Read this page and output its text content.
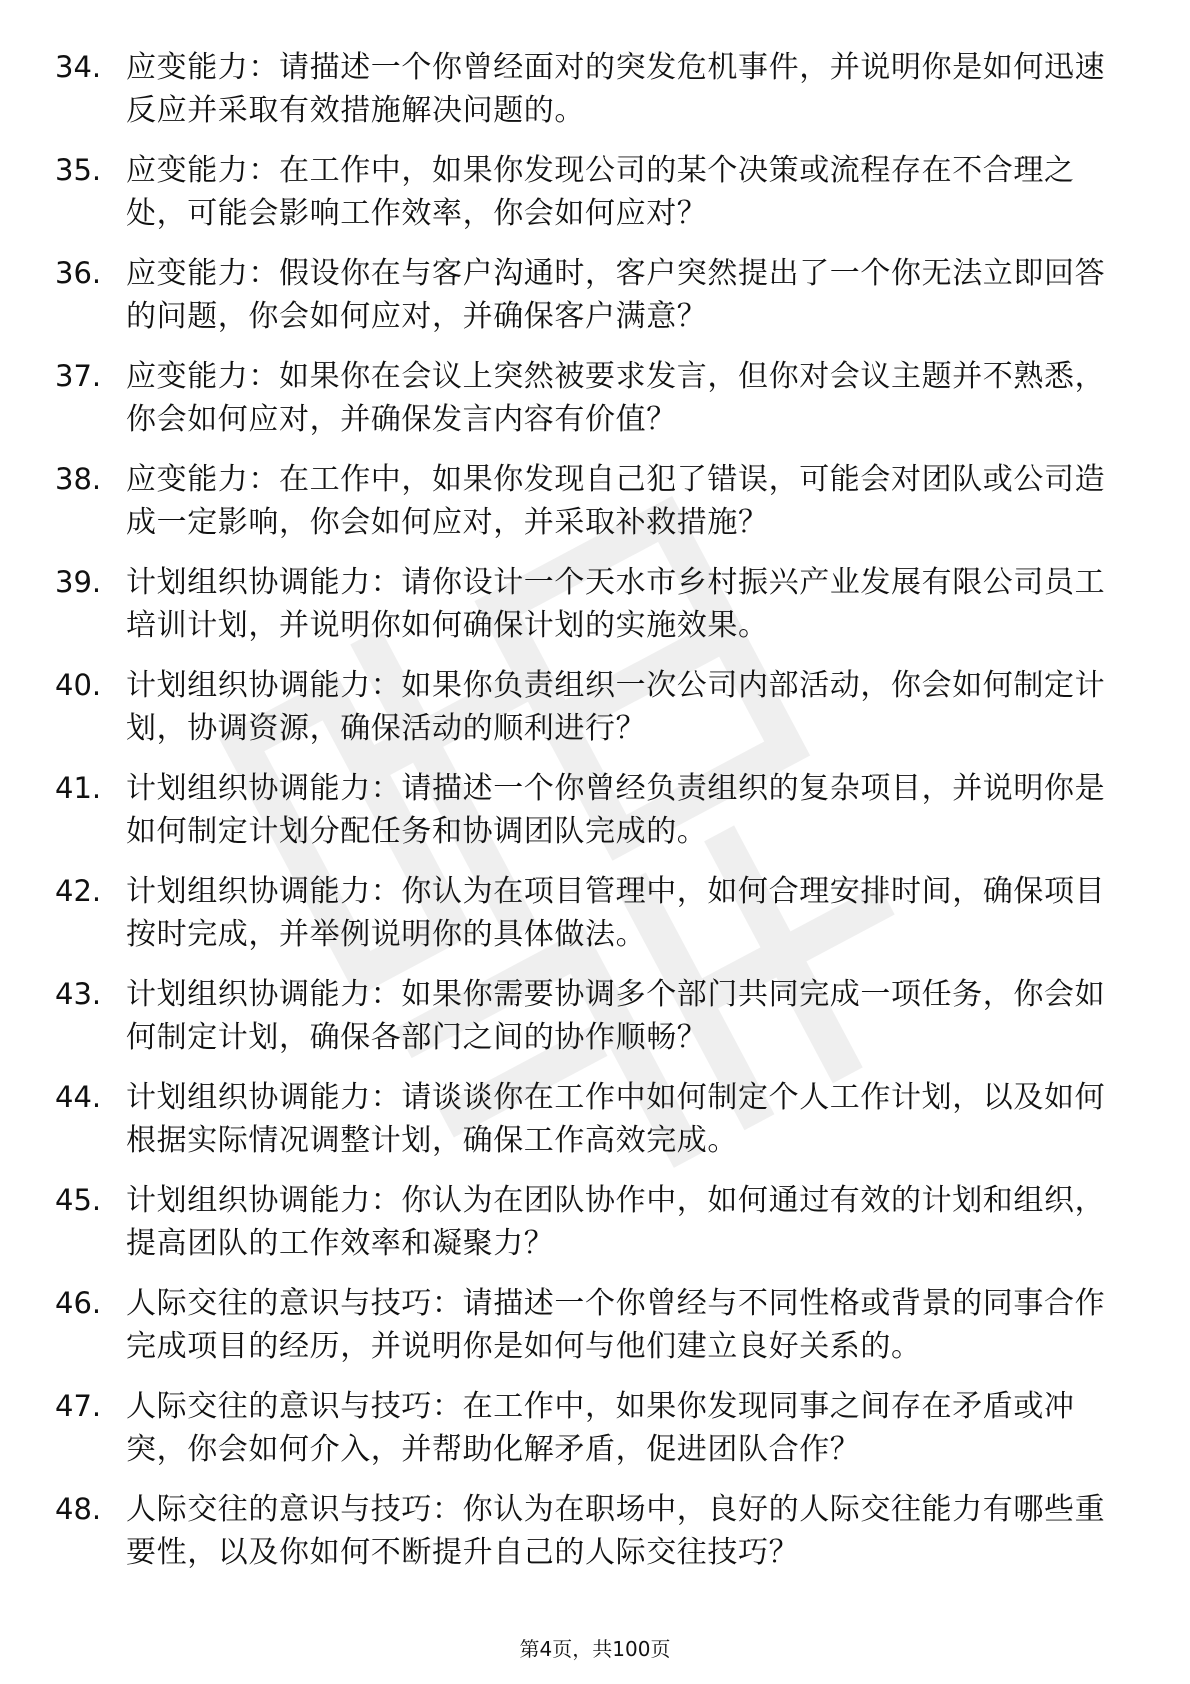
34. 应变能力：请描述一个你曾经面对的突发危机事件，并说明你是如何迅速反应并采取有效措施解决问题的。
35. 应变能力：在工作中，如果你发现公司的某个决策或流程存在不合理之处，可能会影响工作效率，你会如何应对？
36. 应变能力：假设你在与客户沟通时，客户突然提出了一个你无法立即回答的问题，你会如何应对，并确保客户满意？
37. 应变能力：如果你在会议上突然被要求发言，但你对会议主题并不熟悉，你会如何应对，并确保发言内容有价值？
38. 应变能力：在工作中，如果你发现自己犯了错误，可能会对团队或公司造成一定影响，你会如何应对，并采取补救措施？
39. 计划组织协调能力：请你设计一个天水市乡村振兴产业发展有限公司员工培训计划，并说明你如何确保计划的实施效果。
40. 计划组织协调能力：如果你负责组织一次公司内部活动，你会如何制定计划，协调资源，确保活动的顺利进行？
41. 计划组织协调能力：请描述一个你曾经负责组织的复杂项目，并说明你是如何制定计划分配任务和协调团队完成的。
42. 计划组织协调能力：你认为在项目管理中，如何合理安排时间，确保项目按时完成，并举例说明你的具体做法。
43. 计划组织协调能力：如果你需要协调多个部门共同完成一项任务，你会如何制定计划，确保各部门之间的协作顺畅？
44. 计划组织协调能力：请谈谈你在工作中如何制定个人工作计划，以及如何根据实际情况调整计划，确保工作高效完成。
45. 计划组织协调能力：你认为在团队协作中，如何通过有效的计划和组织，提高团队的工作效率和凝聚力？
46. 人际交往的意识与技巧：请描述一个你曾经与不同性格或背景的同事合作完成项目的经历，并说明你是如何与他们建立良好关系的。
47. 人际交往的意识与技巧：在工作中，如果你发现同事之间存在矛盾或冲突，你会如何介入，并帮助化解矛盾，促进团队合作？
48. 人际交往的意识与技巧：你认为在职场中，良好的人际交往能力有哪些重要性，以及你如何不断提升自己的人际交往技巧？
第4页，共100页
